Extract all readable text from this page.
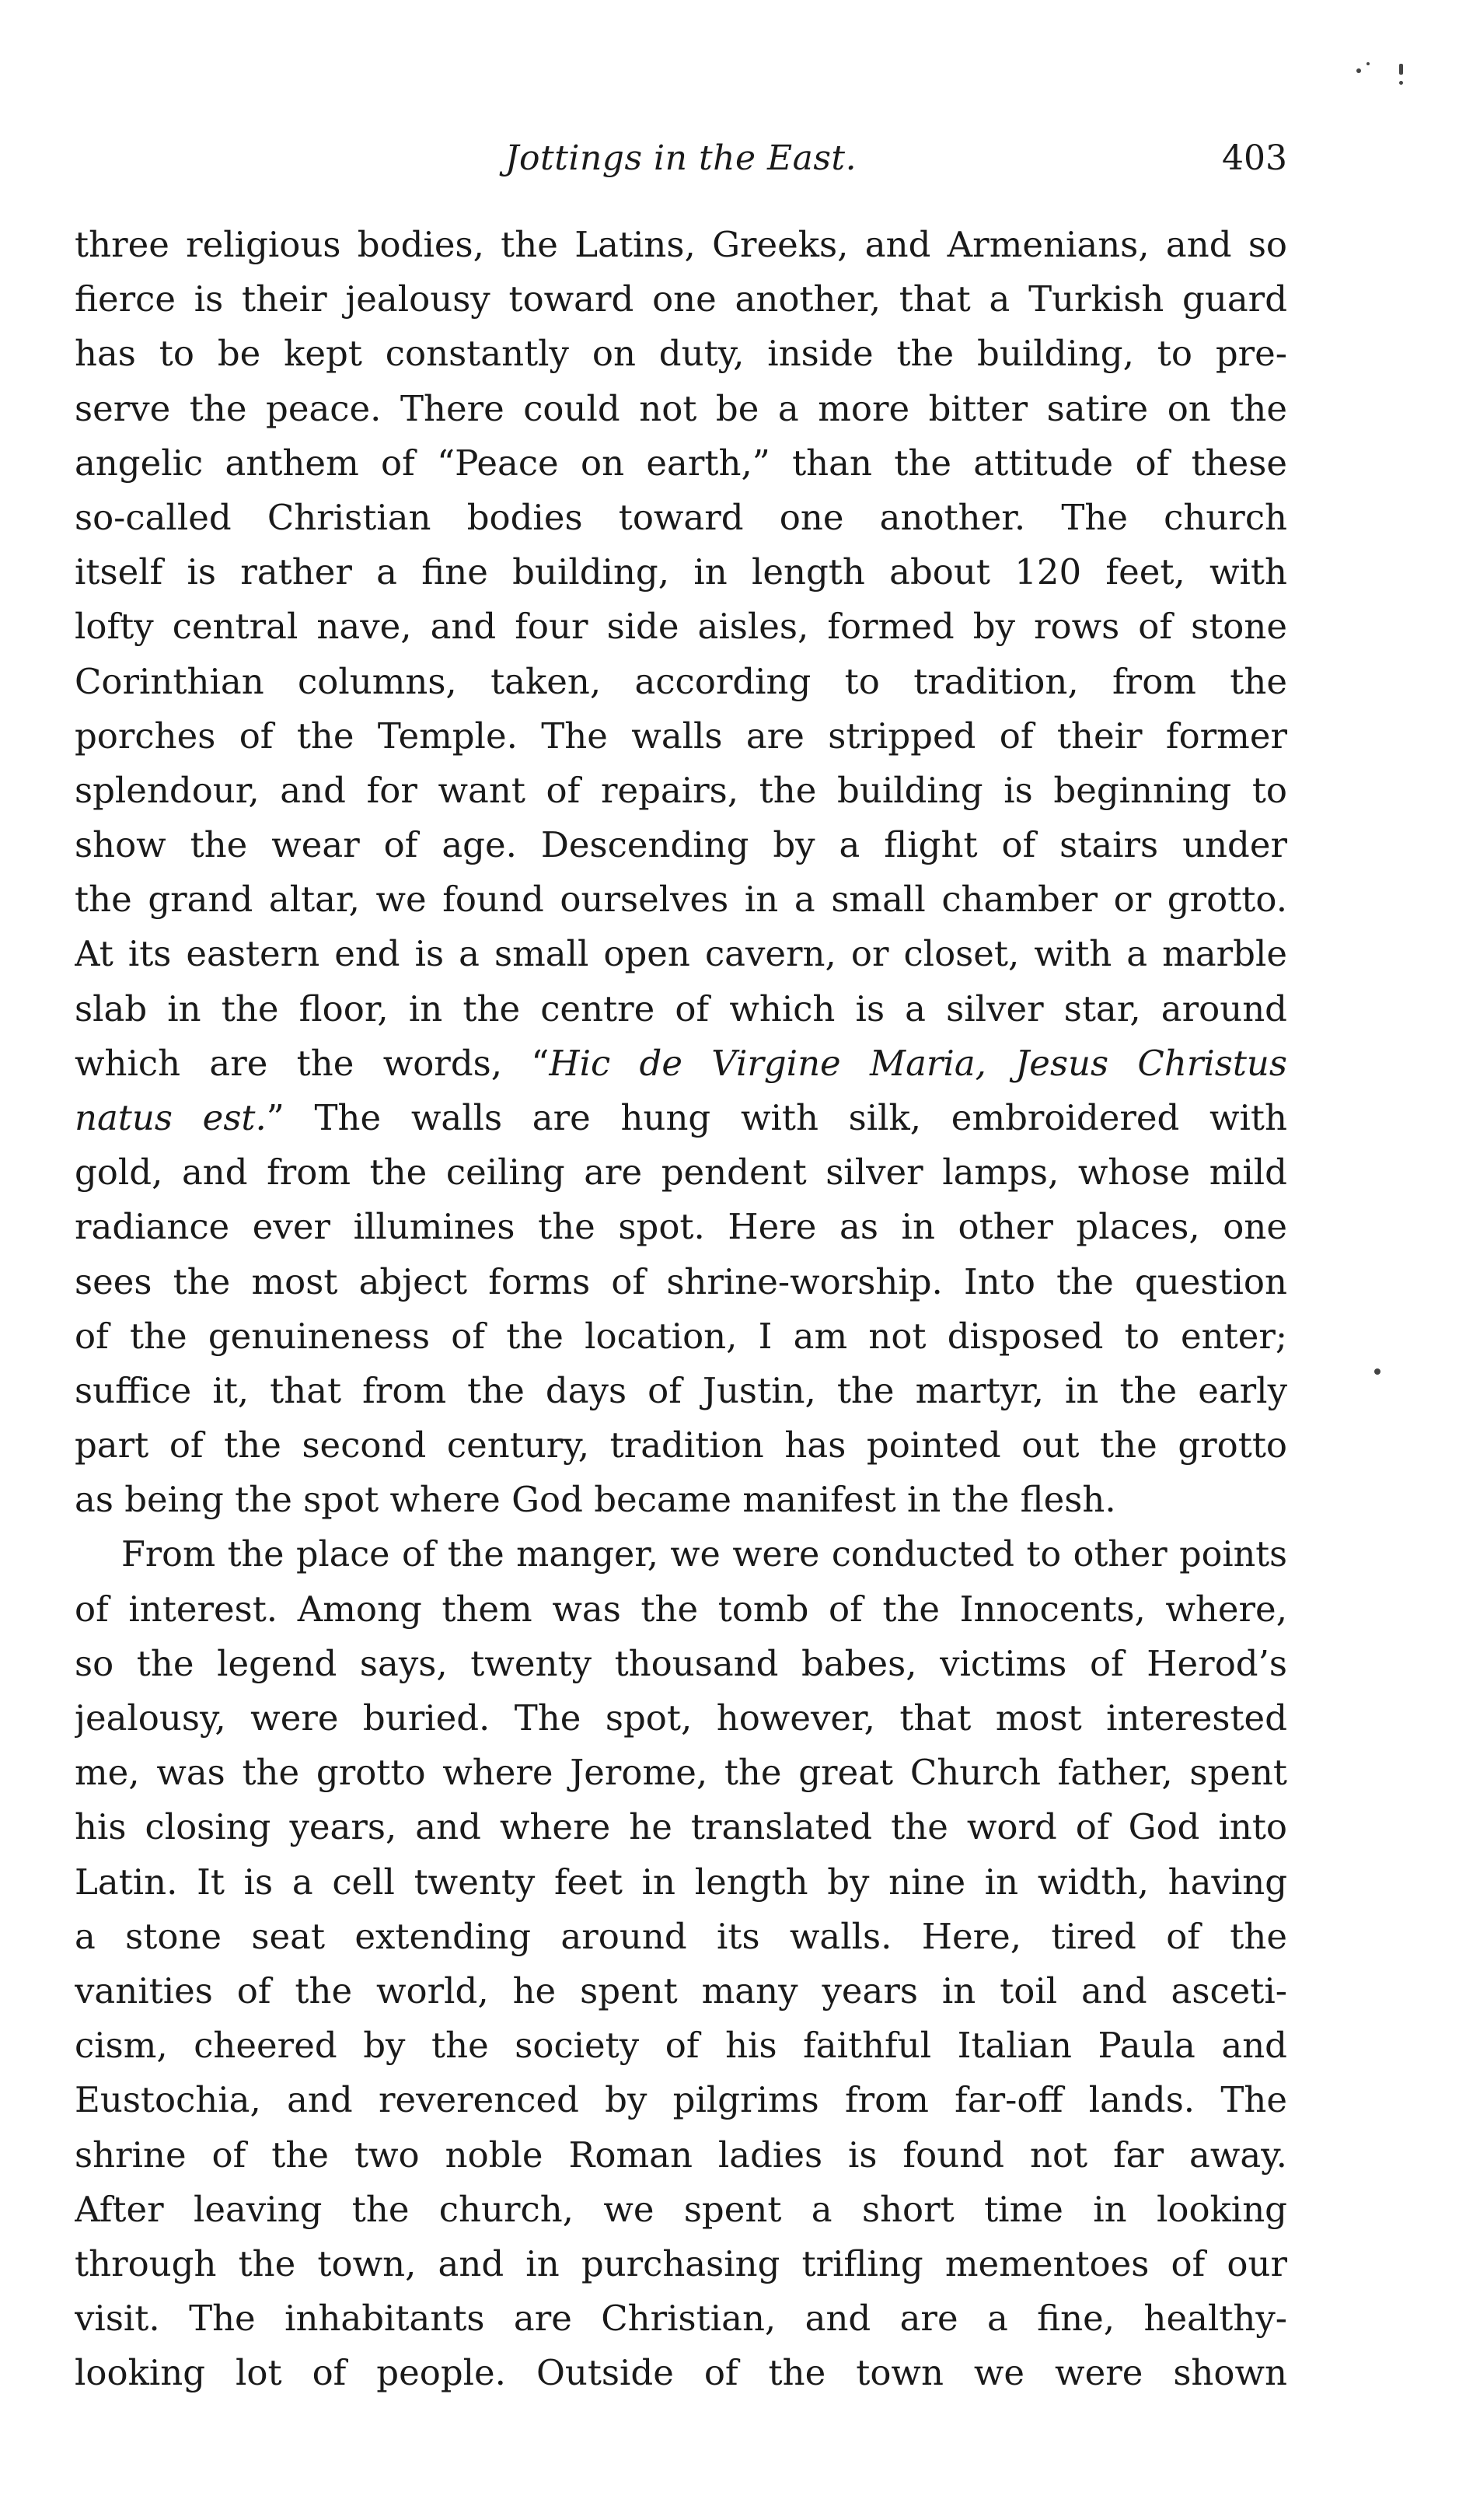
Jottings in the East.	403
three religious bodies, the Latins, Greeks, and Armenians, and so
fierce is their jealousy toward one another, that a Turkish guard
has to be kept constantly on duty, inside the building, to pre-
serve the peace. There could not be a more bitter satire on the
angelic anthem of “Peace on earth,” than the attitude of these
so-called Christian bodies toward one another. The church
itself is rather a fine building, in length about 120 feet, with
lofty central nave, and four side aisles, formed by rows of stone
Corinthian columns, taken, according to tradition, from the
porches of the Temple. The walls are stripped of their former
splendour, and for want of repairs, the building is beginning to
show the wear of age. Descending by a flight of stairs under
the grand altar, we found ourselves in a small chamber or grotto.
At its eastern end is a small open cavern, or closet, with a marble
slab in the floor, in the centre of which is a silver star, around
which are the words, “Hic de Virgine Maria, Jesus Christus
natus est.” The walls are hung with silk, embroidered with
gold, and from the ceiling are pendent silver lamps, whose mild
radiance ever illumines the spot. Here as in other places, one
sees the most abject forms of shrine-worship. Into the question
of the genuineness of the location, I am not disposed to enter;
suffice it, that from the days of Justin, the martyr, in the early
part of the second century, tradition has pointed out the grotto
as being the spot where God became manifest in the flesh.
From the place of the manger, we were conducted to other points
of interest. Among them was the tomb of the Innocents, where,
so the legend says, twenty thousand babes, victims of Herod’s
jealousy, were buried. The spot, however, that most interested
me, was the grotto where Jerome, the great Church father, spent
his closing years, and where he translated the word of God into
Latin. It is a cell twenty feet in length by nine in width, having
a stone seat extending around its walls. Here, tired of the
vanities of the world, he spent many years in toil and asceti-
cism, cheered by the society of his faithful Italian Paula and
Eustochia, and reverenced by pilgrims from far-off lands. The
shrine of the two noble Roman ladies is found not far away.
After leaving the church, we spent a short time in looking
through the town, and in purchasing trifling mementoes of our
visit. The inhabitants are Christian, and are a fine, healthy-
looking lot of people. Outside of the town we were shown
